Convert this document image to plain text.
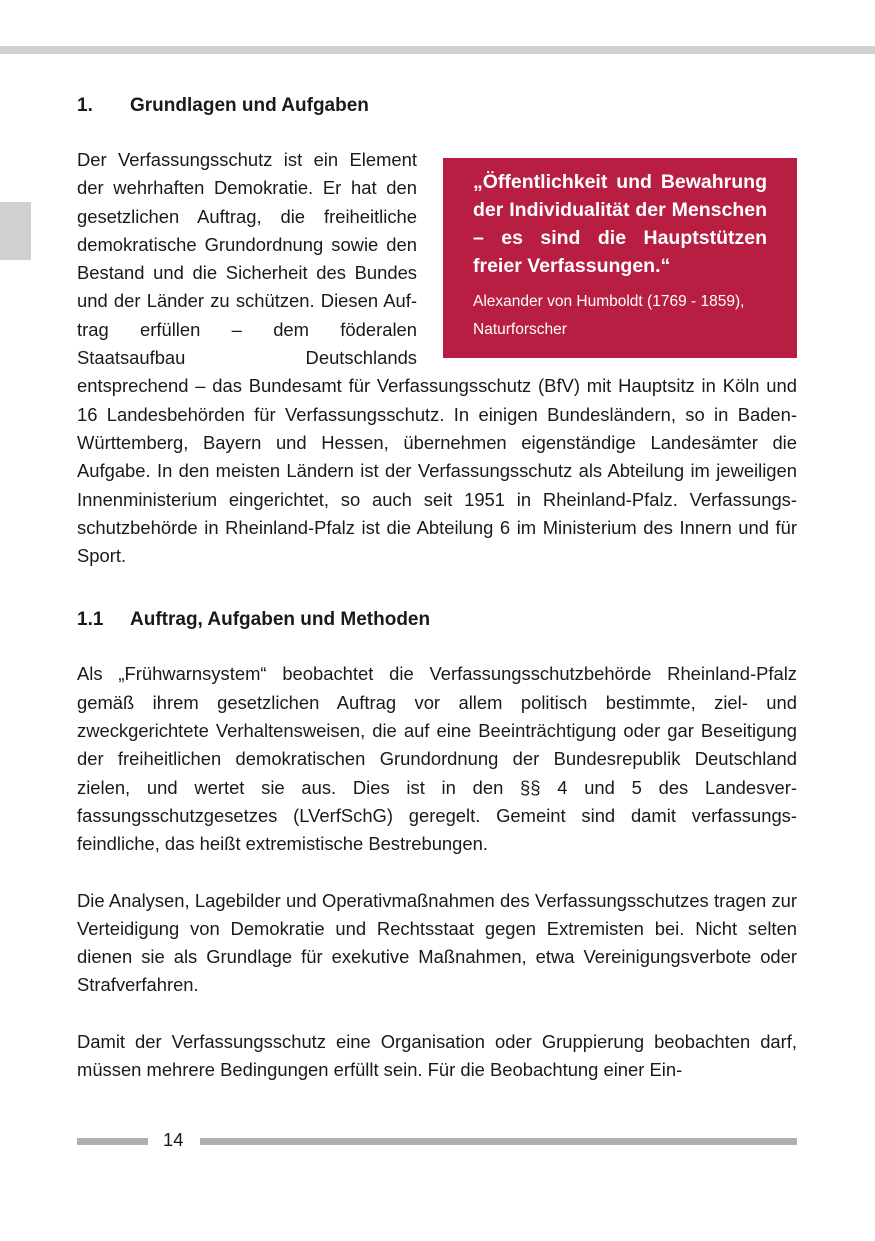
1.	Grundlagen und Aufgaben

„Öffentlichkeit und Bewahrung der Individualität der Menschen – es sind die Hauptstützen freier Verfassungen.“

Alexander von Humboldt (1769 - 1859), Naturforscher

Der Verfassungsschutz ist ein Element der wehrhaften Demokratie. Er hat den gesetzlichen Auftrag, die freiheitliche demokratische Grundordnung sowie den Bestand und die Sicherheit des Bundes und der Länder zu schützen. Diesen Auftrag erfüllen – dem föderalen Staatsaufbau Deutschlands entsprechend – das Bundesamt für Verfassungsschutz (BfV) mit Hauptsitz in Köln und 16 Landesbehörden für Verfassungsschutz. In einigen Bundesländern, so in Baden-Württemberg, Bayern und Hessen, übernehmen eigenständige Landesämter die Aufgabe. In den meisten Ländern ist der Verfassungsschutz als Abteilung im jeweiligen Innenministerium eingerichtet, so auch seit 1951 in Rheinland-Pfalz. Verfassungsschutzbehörde in Rheinland-Pfalz ist die Abteilung 6 im Ministerium des Innern und für Sport.

1.1	Auftrag, Aufgaben und Methoden

Als „Frühwarnsystem“ beobachtet die Verfassungsschutzbehörde Rheinland-Pfalz gemäß ihrem gesetzlichen Auftrag vor allem politisch bestimmte, ziel- und zweckgerichtete Verhaltensweisen, die auf eine Beeinträchtigung oder gar Beseitigung der freiheitlichen demokratischen Grundordnung der Bundesrepublik Deutschland zielen, und wertet sie aus. Dies ist in den §§ 4 und 5 des Landesverfassungsschutzgesetzes (LVerfSchG) geregelt. Gemeint sind damit verfassungsfeindliche, das heißt extremistische Bestrebungen.

Die Analysen, Lagebilder und Operativmaßnahmen des Verfassungsschutzes tragen zur Verteidigung von Demokratie und Rechtsstaat gegen Extremisten bei. Nicht selten dienen sie als Grundlage für exekutive Maßnahmen, etwa Vereinigungsverbote oder Strafverfahren.

Damit der Verfassungsschutz eine Organisation oder Gruppierung beobachten darf, müssen mehrere Bedingungen erfüllt sein. Für die Beobachtung einer Ein-

14
